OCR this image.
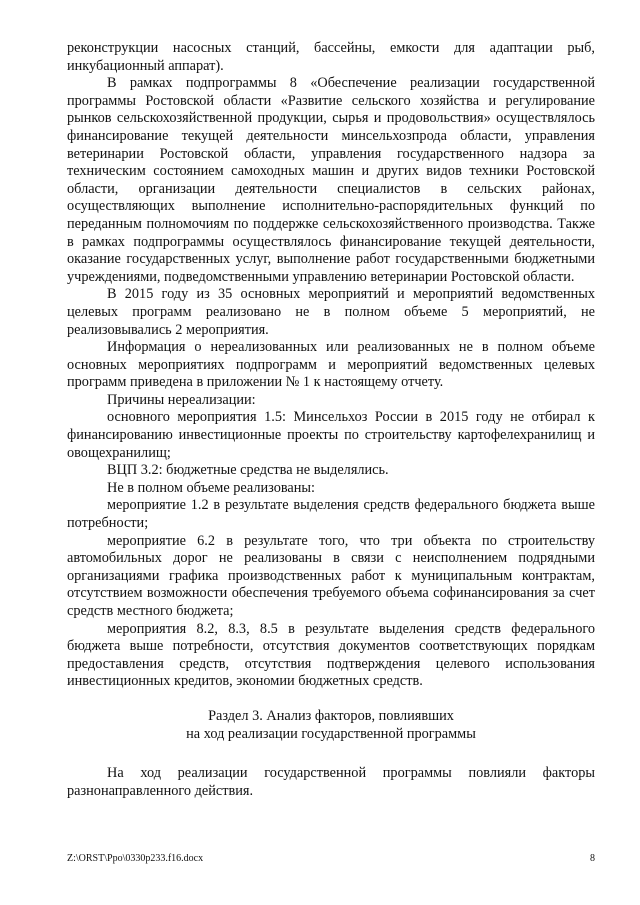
реконструкции насосных станций, бассейны, емкости для адаптации рыб, инкубационный аппарат).

В рамках подпрограммы 8 «Обеспечение реализации государственной программы Ростовской области «Развитие сельского хозяйства и регулирование рынков сельскохозяйственной продукции, сырья и продовольствия» осуществлялось финансирование текущей деятельности минсельхозпрода области, управления ветеринарии Ростовской области, управления государственного надзора за техническим состоянием самоходных машин и других видов техники Ростовской области, организации деятельности специалистов в сельских районах, осуществляющих выполнение исполнительно-распорядительных функций по переданным полномочиям по поддержке сельскохозяйственного производства. Также в рамках подпрограммы осуществлялось финансирование текущей деятельности, оказание государственных услуг, выполнение работ государственными бюджетными учреждениями, подведомственными управлению ветеринарии Ростовской области.

В 2015 году из 35 основных мероприятий и мероприятий ведомственных целевых программ реализовано не в полном объеме 5 мероприятий, не реализовывались 2 мероприятия.

Информация о нереализованных или реализованных не в полном объеме основных мероприятиях подпрограмм и мероприятий ведомственных целевых программ приведена в приложении № 1 к настоящему отчету.

Причины нереализации:

основного мероприятия 1.5: Минсельхоз России в 2015 году не отбирал к финансированию инвестиционные проекты по строительству картофелехранилищ и овощехранилищ;

ВЦП 3.2: бюджетные средства не выделялись.

Не в полном объеме реализованы:

мероприятие 1.2 в результате выделения средств федерального бюджета выше потребности;

мероприятие 6.2 в результате того, что три объекта по строительству автомобильных дорог не реализованы в связи с неисполнением подрядными организациями графика производственных работ к муниципальным контрактам, отсутствием возможности обеспечения требуемого объема софинансирования за счет средств местного бюджета;

мероприятия 8.2, 8.3, 8.5 в результате выделения средств федерального бюджета выше потребности, отсутствия документов соответствующих порядкам предоставления средств, отсутствия подтверждения целевого использования инвестиционных кредитов, экономии бюджетных средств.

Раздел 3. Анализ факторов, повлиявших
на ход реализации государственной программы

На ход реализации государственной программы повлияли факторы разнонаправленного действия.

Z:\ORST\Ppo\0330p233.f16.docx	8
